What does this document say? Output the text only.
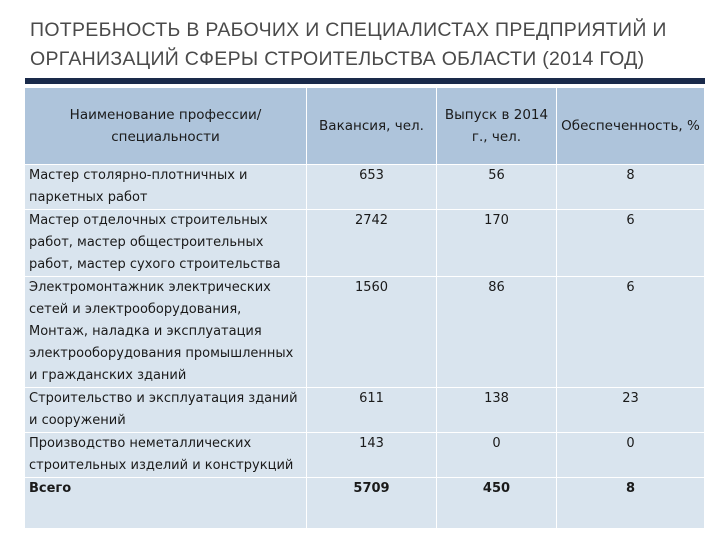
ПОТРЕБНОСТЬ В РАБОЧИХ И СПЕЦИАЛИСТАХ ПРЕДПРИЯТИЙ И
ОРГАНИЗАЦИЙ СФЕРЫ СТРОИТЕЛЬСТВА ОБЛАСТИ (2014 ГОД)
Наименование профессии/специальности	Вакансия, чел.	Выпуск в 2014 г., чел.	Обеспеченность, %
Мастер столярно-плотничных и паркетных работ	653	56	8
Мастер отделочных строительных работ, мастер общестроительных работ, мастер сухого строительства	2742	170	6
Электромонтажник электрических сетей и электрооборудования, Монтаж, наладка и эксплуатация электрооборудования промышленных и гражданских зданий	1560	86	6
Строительство и эксплуатация зданий и сооружений	611	138	23
Производство неметаллических строительных изделий и конструкций	143	0	0
Всего	5709	450	8
